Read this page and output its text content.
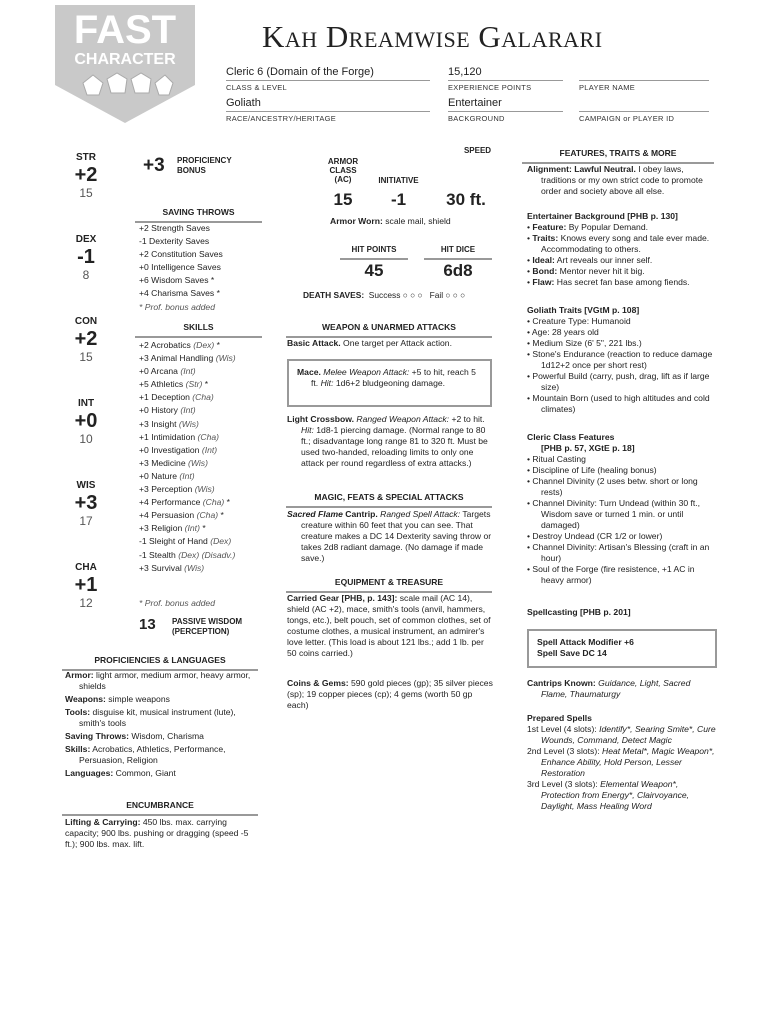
FAST
CHARACTER
Kah Dreamwise Galarari
Cleric 6 (Domain of the Forge)
CLASS & LEVEL
15,120
EXPERIENCE POINTS	PLAYER NAME
Goliath
RACE/ANCESTRY/HERITAGE
Entertainer
BACKGROUND	CAMPAIGN or PLAYER ID
STR
+2
15
DEX
-1
8
CON
+2
15
INT
+0
10
WIS
+3
17
CHA
+1
12
+3 PROFICIENCY
BONUS
SAVING THROWS
+2 Strength Saves
-1 Dexterity Saves
+2 Constitution Saves
+0 Intelligence Saves
+6 Wisdom Saves *
+4 Charisma Saves *
* Prof. bonus added
SKILLS
+2 Acrobatics (Dex) *
+3 Animal Handling (Wis)
+0 Arcana (Int)
+5 Athletics (Str) *
+1 Deception (Cha)
+0 History (Int)
+3 Insight (Wis)
+1 Intimidation (Cha)
+0 Investigation (Int)
+3 Medicine (Wis)
+0 Nature (Int)
+3 Perception (Wis)
+4 Performance (Cha) *
+4 Persuasion (Cha) *
+3 Religion (Int) *
-1 Sleight of Hand (Dex)
-1 Stealth (Dex) (Disadv.)
+3 Survival (Wis)
* Prof. bonus added
13 PASSIVE WISDOM
(PERCEPTION)
PROFICIENCIES & LANGUAGES
Armor: light armor, medium armor, heavy armor, shields
Weapons: simple weapons
Tools: disguise kit, musical instrument (lute), smith's tools
Saving Throws: Wisdom, Charisma
Skills: Acrobatics, Athletics, Performance, Persuasion, Religion
Languages: Common, Giant
ENCUMBRANCE
Lifting & Carrying: 450 lbs. max. carrying capacity; 900 lbs. pushing or dragging (speed -5 ft.); 900 lbs. max. lift.
ARMOR CLASS (AC)
15
INITIATIVE
-1
SPEED
30 ft.
Armor Worn: scale mail, shield
HIT POINTS
45
HIT DICE
6d8
DEATH SAVES: Success ○ ○ ○ Fail ○ ○ ○
WEAPON & UNARMED ATTACKS
Basic Attack. One target per Attack action.
Mace. Melee Weapon Attack: +5 to hit, reach 5 ft. Hit: 1d6+2 bludgeoning damage.
Light Crossbow. Ranged Weapon Attack: +2 to hit. Hit: 1d8-1 piercing damage. (Normal range to 80 ft.; disadvantage long range 81 to 320 ft. Must be used two-handed, reloading limits to only one attack per round regardless of extra attacks.)
MAGIC, FEATS & SPECIAL ATTACKS
Sacred Flame Cantrip. Ranged Spell Attack: Targets creature within 60 feet that you can see. That creature makes a DC 14 Dexterity saving throw or takes 2d8 radiant damage. (No damage if made save.)
EQUIPMENT & TREASURE
Carried Gear [PHB, p. 143]: scale mail (AC 14), shield (AC +2), mace, smith's tools (anvil, hammers, tongs, etc.), belt pouch, set of common clothes, set of costume clothes, a musical instrument, an admirer's love letter. (This load is about 121 lbs.; add 1 lb. per 50 coins carried.)
Coins & Gems: 590 gold pieces (gp); 35 silver pieces (sp); 19 copper pieces (cp); 4 gems (worth 50 gp each)
FEATURES, TRAITS & MORE
Alignment: Lawful Neutral. I obey laws, traditions or my own strict code to promote order and society above all else.
Entertainer Background [PHB p. 130]
• Feature: By Popular Demand.
• Traits: Knows every song and tale ever made. Accommodating to others.
• Ideal: Art reveals our inner self.
• Bond: Mentor never hit it big.
• Flaw: Has secret fan base among fiends.
Goliath Traits [VGtM p. 108]
• Creature Type: Humanoid
• Age: 28 years old
• Medium Size (6' 5", 221 lbs.)
• Stone's Endurance (reaction to reduce damage 1d12+2 once per short rest)
• Powerful Build (carry, push, drag, lift as if large size)
• Mountain Born (used to high altitudes and cold climates)
Cleric Class Features
[PHB p. 57, XGtE p. 18]
• Ritual Casting
• Discipline of Life (healing bonus)
• Channel Divinity (2 uses betw. short or long rests)
• Channel Divinity: Turn Undead (within 30 ft., Wisdom save or turned 1 min. or until damaged)
• Destroy Undead (CR 1/2 or lower)
• Channel Divinity: Artisan's Blessing (craft in an hour)
• Soul of the Forge (fire resistence, +1 AC in heavy armor)
Spellcasting [PHB p. 201]
Spell Attack Modifier +6
Spell Save DC 14
Cantrips Known: Guidance, Light, Sacred Flame, Thaumaturgy
Prepared Spells
1st Level (4 slots): Identify*, Searing Smite*, Cure Wounds, Command, Detect Magic
2nd Level (3 slots): Heat Metal*, Magic Weapon*, Enhance Ability, Hold Person, Lesser Restoration
3rd Level (3 slots): Elemental Weapon*, Protection from Energy*, Clairvoyance, Daylight, Mass Healing Word
